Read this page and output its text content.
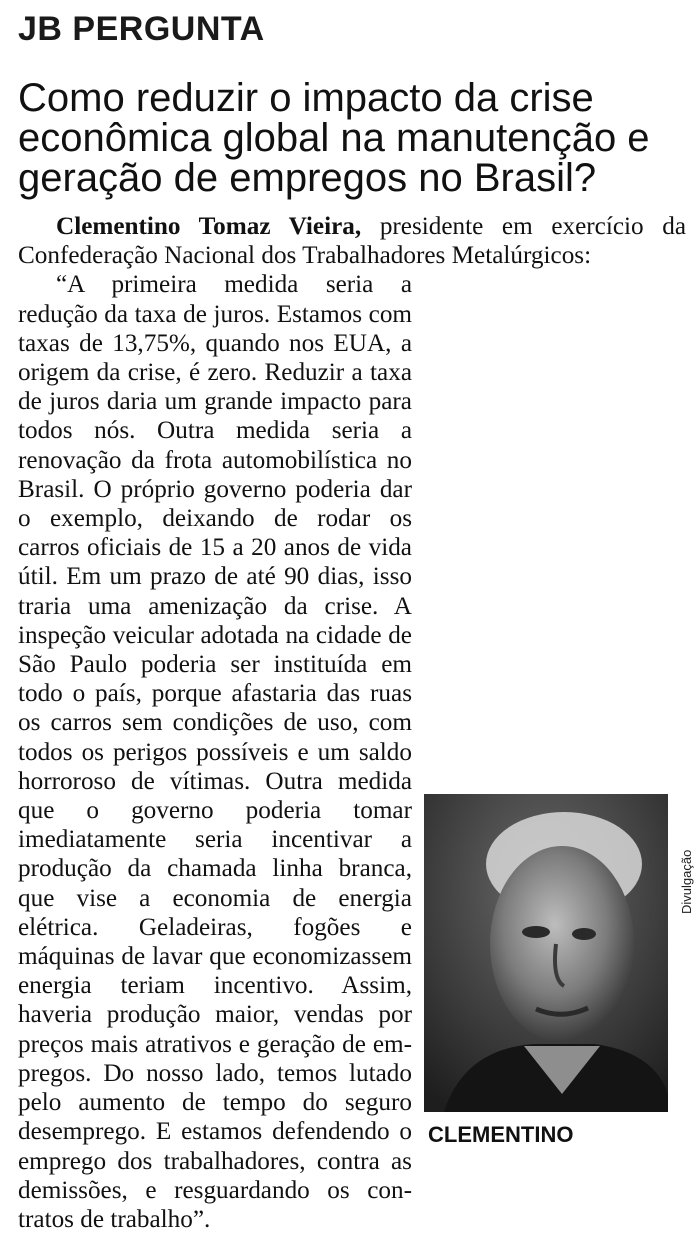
JB PERGUNTA
Como reduzir o impacto da crise econômica global na manutenção e geração de empregos no Brasil?

Clementino Tomaz Vieira, presidente em exercício da Confederação Nacional dos Trabalhadores Metalúrgicos:

Divulgação
CLEMENTINO

“A primeira medida seria a redução da taxa de juros. Estamos com taxas de 13,75%, quando nos EUA, a origem da crise, é zero. Reduzir a taxa de juros daria um grande impacto para todos nós. Outra medida seria a renovação da frota automobilística no Brasil. O próprio governo poderia dar o exemplo, deixando de rodar os carros oficiais de 15 a 20 anos de vida útil. Em um prazo de até 90 dias, isso traria uma amenização da crise. A inspeção veicular adotada na cidade de São Paulo poderia ser instituída em todo o país, porque afastaria das ruas os carros sem condições de uso, com todos os perigos possíveis e um saldo horroroso de vítimas. Outra medida que o governo poderia tomar imediatamente seria incentivar a produção da chamada linha branca, que vise a economia de energia elétrica. Geladeiras, fogões e máquinas de lavar que economizassem energia teriam incentivo. Assim, haveria produção maior, vendas por preços mais atrativos e geração de empregos. Do nosso lado, temos lutado pelo aumento de tempo do seguro desemprego. E estamos defendendo o emprego dos trabalhadores, contra as demissões, e resguardando os contratos de trabalho”.
